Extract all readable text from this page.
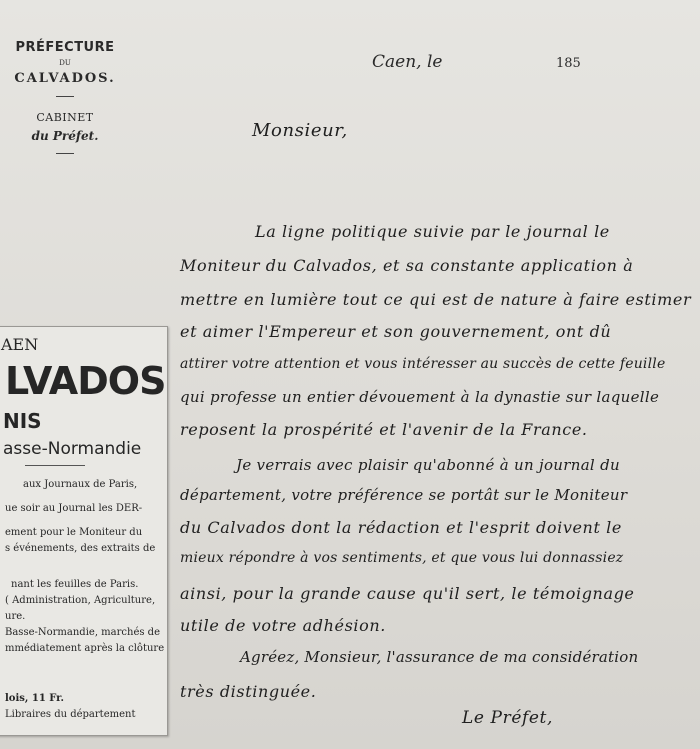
PRÉFECTURE
DU
CALVADOS.
CABINET
du Préfet.
Caen, le	185
Monsieur,
La ligne politique suivie par le journal le
Moniteur du Calvados, et sa constante application à
mettre en lumière tout ce qui est de nature à faire estimer
et aimer l'Empereur et son gouvernement, ont dû
attirer votre attention et vous intéresser au succès de cette feuille
qui professe un entier dévouement à la dynastie sur laquelle
reposent la prospérité et l'avenir de la France.
Je verrais avec plaisir qu'abonné à un journal du
département, votre préférence se portât sur le Moniteur
du Calvados dont la rédaction et l'esprit doivent le
mieux répondre à vos sentiments, et que vous lui donnassiez
ainsi, pour la grande cause qu'il sert, le témoignage
utile de votre adhésion.
Agréez, Monsieur, l'assurance de ma considération
très distinguée.
Le Préfet,
AEN
LVADOS
NIS
asse-Normandie
aux Journaux de Paris,
ue soir au Journal les DER-
ement pour le Moniteur du
s événements, des extraits de
nant les feuilles de Paris.
( Administration, Agriculture,
ure.
Basse-Normandie, marchés de
mmédiatement après la clôture
lois, 11 Fr.
Libraires du département
